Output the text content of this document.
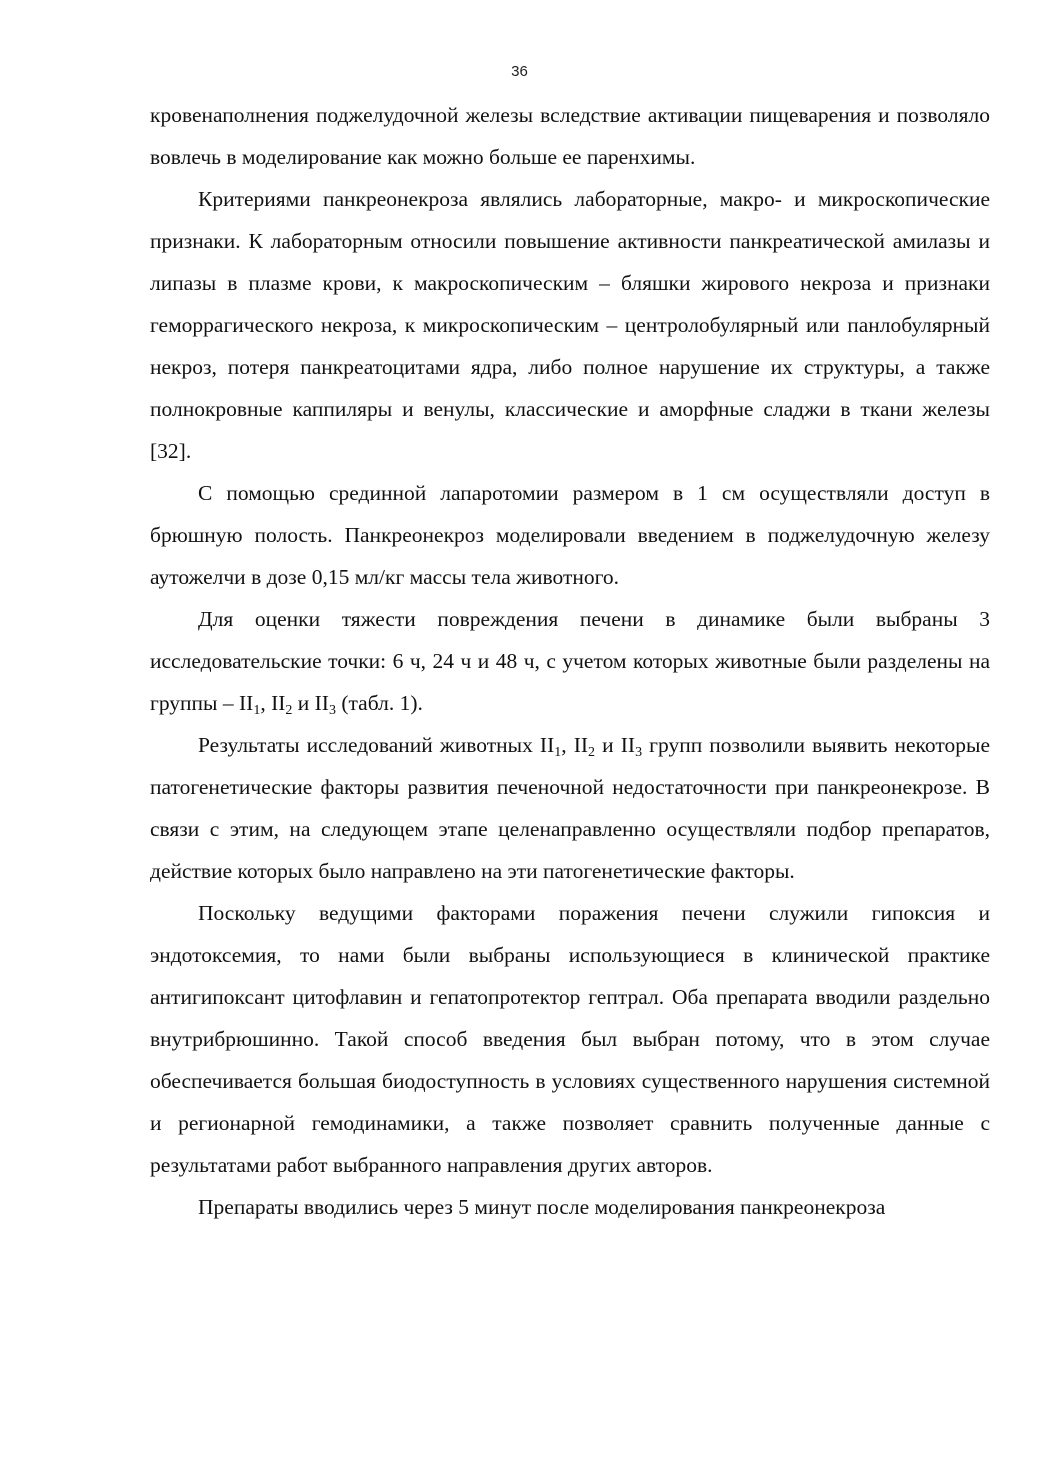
36

кровенаполнения поджелудочной железы вследствие активации пищеварения и позволяло вовлечь в моделирование как можно больше ее паренхимы.

Критериями панкреонекроза являлись лабораторные, макро- и микроскопические признаки. К лабораторным относили повышение активности панкреатической амилазы и липазы в плазме крови, к макроскопическим – бляшки жирового некроза и признаки геморрагического некроза, к микроскопическим – центролобулярный или панлобулярный некроз, потеря панкреатоцитами ядра, либо полное нарушение их структуры, а также полнокровные каппиляры и венулы, классические и аморфные сладжи в ткани железы [32].

С помощью срединной лапаротомии размером в 1 см осуществляли доступ в брюшную полость. Панкреонекроз моделировали введением в поджелудочную железу аутожелчи в дозе 0,15 мл/кг массы тела животного.

Для оценки тяжести повреждения печени в динамике были выбраны 3 исследовательские точки: 6 ч, 24 ч и 48 ч, с учетом которых животные были разделены на группы – $II_1$, $II_2$ и $II_3$ (табл. 1).

Результаты исследований животных $II_1$, $II_2$ и $II_3$ групп позволили выявить некоторые патогенетические факторы развития печеночной недостаточности при панкреонекрозе. В связи с этим, на следующем этапе целенаправленно осуществляли подбор препаратов, действие которых было направлено на эти патогенетические факторы.

Поскольку ведущими факторами поражения печени служили гипоксия и эндотоксемия, то нами были выбраны использующиеся в клинической практике антигипоксант цитофлавин и гепатопротектор гептрал. Оба препарата вводили раздельно внутрибрюшинно. Такой способ введения был выбран потому, что в этом случае обеспечивается большая биодоступность в условиях существенного нарушения системной и регионарной гемодинамики, а также позволяет сравнить полученные данные с результатами работ выбранного направления других авторов.

Препараты вводились через 5 минут после моделирования панкреонекроза
